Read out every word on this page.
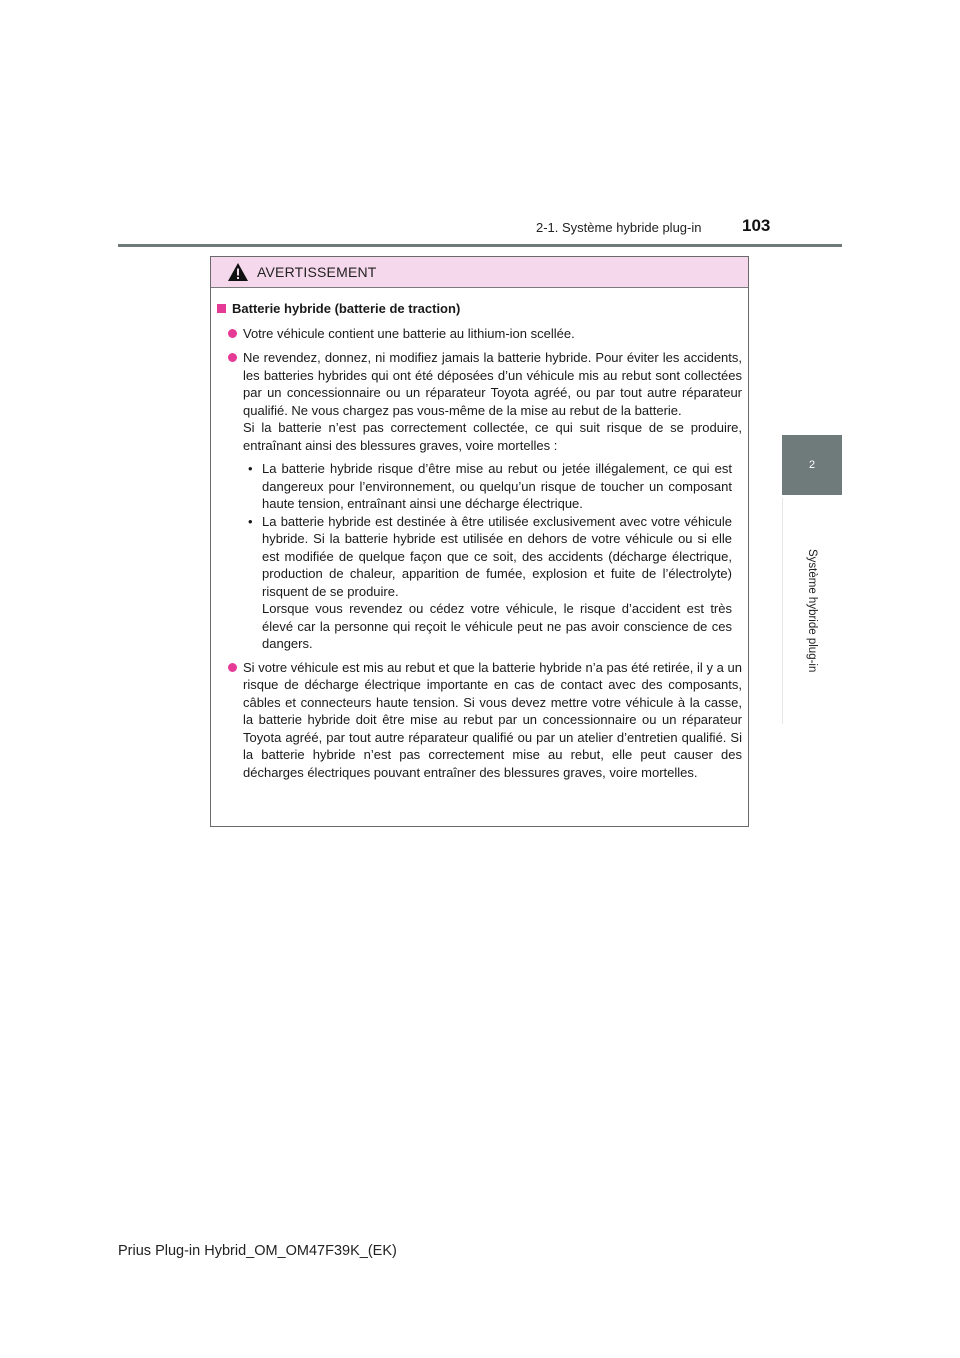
2-1. Système hybride plug-in 103
2
Système hybride plug-in
AVERTISSEMENT
Batterie hybride (batterie de traction)

Votre véhicule contient une batterie au lithium-ion scellée.

Ne revendez, donnez, ni modifiez jamais la batterie hybride. Pour éviter les accidents, les batteries hybrides qui ont été déposées d’un véhicule mis au rebut sont collectées par un concessionnaire ou un réparateur Toyota agréé, ou par tout autre réparateur qualifié. Ne vous chargez pas vous-même de la mise au rebut de la batterie.

Si la batterie n’est pas correctement collectée, ce qui suit risque de se produire, entraînant ainsi des blessures graves, voire mortelles :

• La batterie hybride risque d’être mise au rebut ou jetée illégalement, ce qui est dangereux pour l’environnement, ou quelqu’un risque de toucher un composant haute tension, entraînant ainsi une décharge électrique.

• La batterie hybride est destinée à être utilisée exclusivement avec votre véhicule hybride. Si la batterie hybride est utilisée en dehors de votre véhicule ou si elle est modifiée de quelque façon que ce soit, des accidents (décharge électrique, production de chaleur, apparition de fumée, explosion et fuite de l’électrolyte) risquent de se produire.

Lorsque vous revendez ou cédez votre véhicule, le risque d’accident est très élevé car la personne qui reçoit le véhicule peut ne pas avoir conscience de ces dangers.

Si votre véhicule est mis au rebut et que la batterie hybride n’a pas été retirée, il y a un risque de décharge électrique importante en cas de contact avec des composants, câbles et connecteurs haute tension. Si vous devez mettre votre véhicule à la casse, la batterie hybride doit être mise au rebut par un concessionnaire ou un réparateur Toyota agréé, par tout autre réparateur qualifié ou par un atelier d’entretien qualifié. Si la batterie hybride n’est pas correctement mise au rebut, elle peut causer des décharges électriques pouvant entraîner des blessures graves, voire mortelles.

Prius Plug-in Hybrid_OM_OM47F39K_(EK)
